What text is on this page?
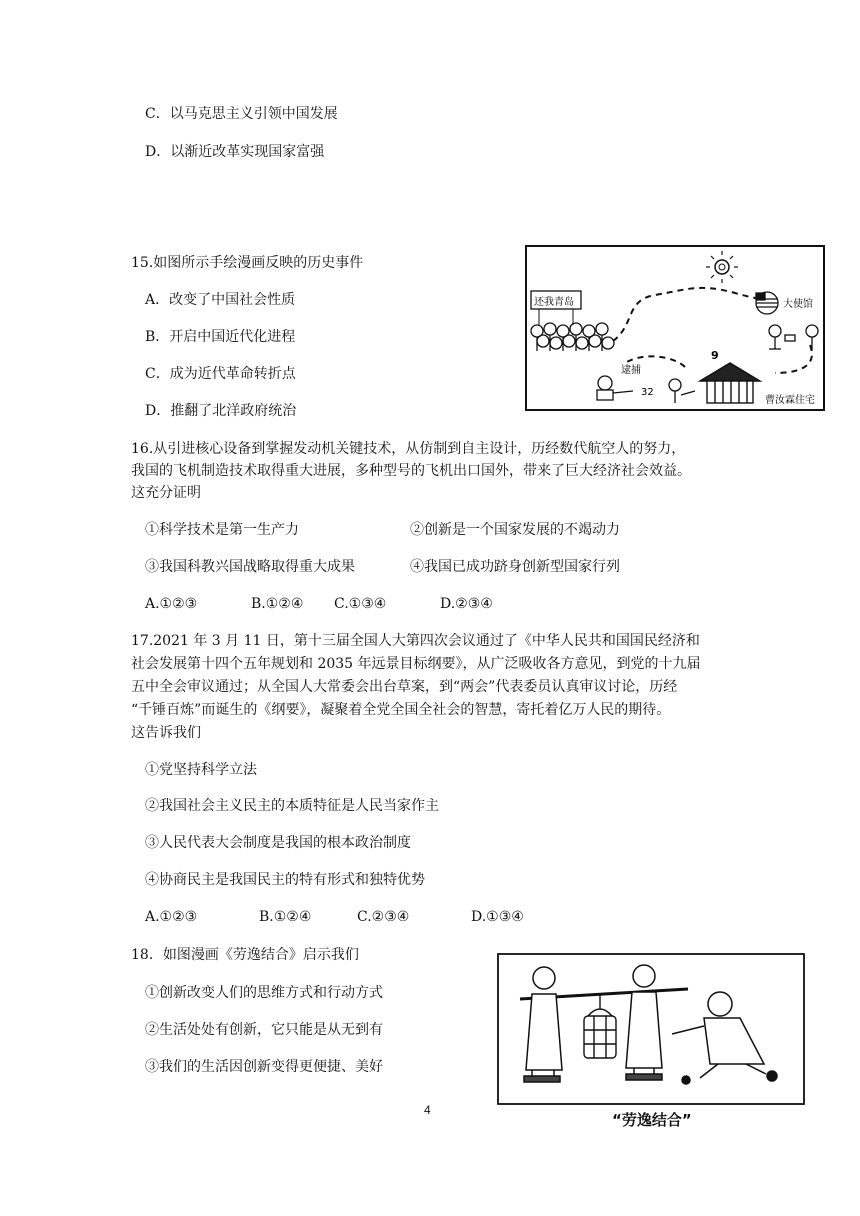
C．以马克思主义引领中国发展
D．以渐近改革实现国家富强
15.如图所示手绘漫画反映的历史事件
A．改变了中国社会性质
B．开启中国近代化进程
C．成为近代革命转折点
D．推翻了北洋政府统治
还我青岛	大使馆
逮捕
32
9
曹汝霖住宅
16.从引进核心设备到掌握发动机关键技术，从仿制到自主设计，历经数代航空人的努力，
我国的飞机制造技术取得重大进展，多种型号的飞机出口国外，带来了巨大经济社会效益。
这充分证明
①科学技术是第一生产力	②创新是一个国家发展的不竭动力
③我国科教兴国战略取得重大成果	④我国已成功跻身创新型国家行列
A.①②③	B.①②④ C.①③④	D.②③④
17.2021 年 3 月 11 日，第十三届全国人大第四次会议通过了《中华人民共和国国民经济和
社会发展第十四个五年规划和 2035 年远景目标纲要》，从广泛吸收各方意见，到党的十九届
五中全会审议通过；从全国人大常委会出台草案，到“两会”代表委员认真审议讨论，历经
“千锤百炼”而诞生的《纲要》，凝聚着全党全国全社会的智慧，寄托着亿万人民的期待。
这告诉我们
①党坚持科学立法
②我国社会主义民主的本质特征是人民当家作主
③人民代表大会制度是我国的根本政治制度
④协商民主是我国民主的特有形式和独特优势
A.①②③	B.①②④	C.②③④	D.①③④
18．如图漫画《劳逸结合》启示我们
①创新改变人们的思维方式和行动方式
②生活处处有创新，它只能是从无到有
③我们的生活因创新变得更便捷、美好
“劳逸结合”
4
